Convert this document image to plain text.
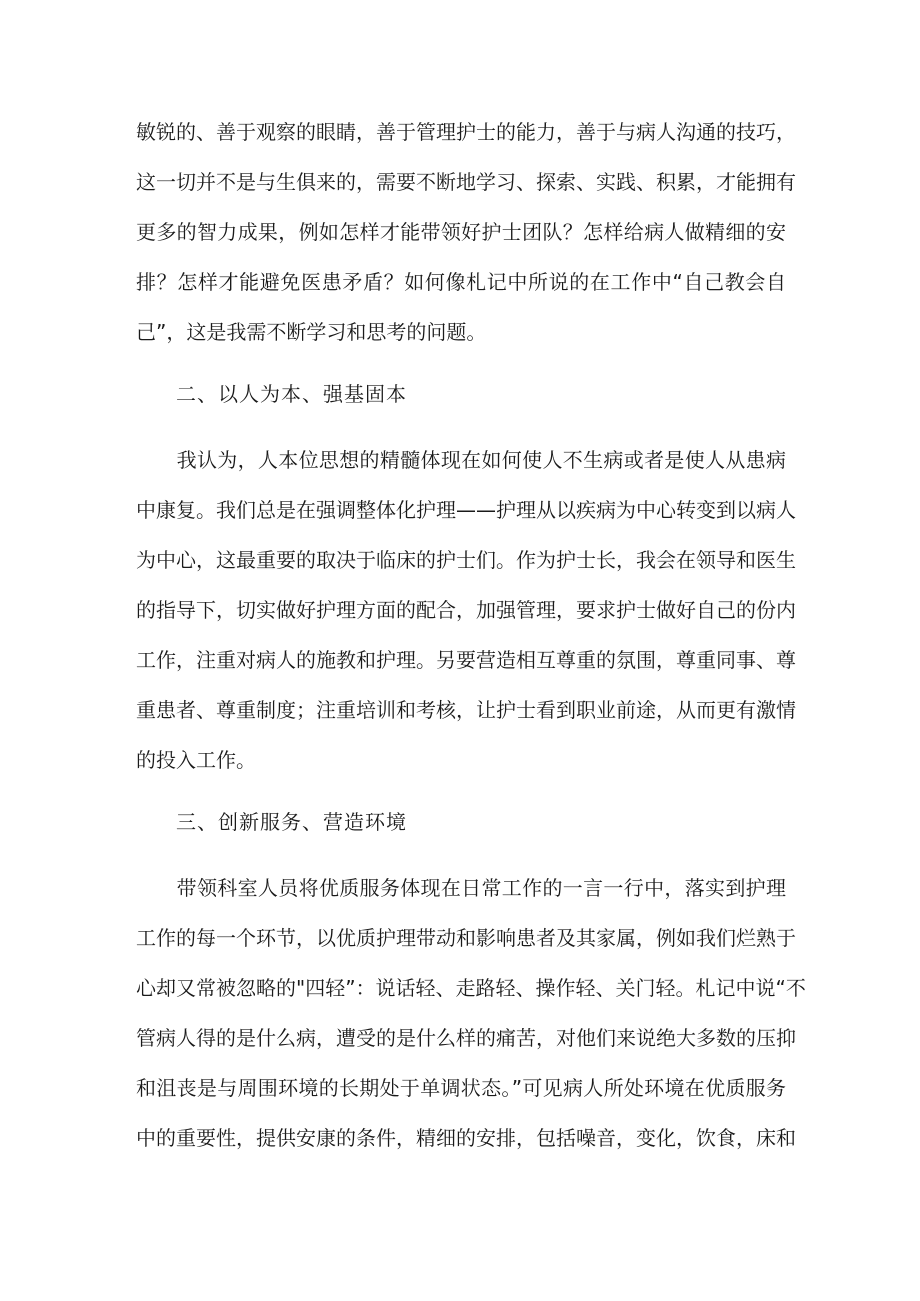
敏锐的、善于观察的眼睛，善于管理护士的能力，善于与病人沟通的技巧，
这一切并不是与生俱来的，需要不断地学习、探索、实践、积累，才能拥有
更多的智力成果，例如怎样才能带领好护士团队？怎样给病人做精细的安
排？怎样才能避免医患矛盾？如何像札记中所说的在工作中“自己教会自
己”，这是我需不断学习和思考的问题。
二、以人为本、强基固本
　　我认为，人本位思想的精髓体现在如何使人不生病或者是使人从患病
中康复。我们总是在强调整体化护理——护理从以疾病为中心转变到以病人
为中心，这最重要的取决于临床的护士们。作为护士长，我会在领导和医生
的指导下，切实做好护理方面的配合，加强管理，要求护士做好自己的份内
工作，注重对病人的施教和护理。另要营造相互尊重的氛围，尊重同事、尊
重患者、尊重制度；注重培训和考核，让护士看到职业前途，从而更有激情
的投入工作。
三、创新服务、营造环境
　　带领科室人员将优质服务体现在日常工作的一言一行中，落实到护理
工作的每一个环节，以优质护理带动和影响患者及其家属，例如我们烂熟于
心却又常被忽略的"四轻”：说话轻、走路轻、操作轻、关门轻。札记中说“不
管病人得的是什么病，遭受的是什么样的痛苦，对他们来说绝大多数的压抑
和沮丧是与周围环境的长期处于单调状态。”可见病人所处环境在优质服务
中的重要性，提供安康的条件，精细的安排，包括噪音，变化，饮食，床和
